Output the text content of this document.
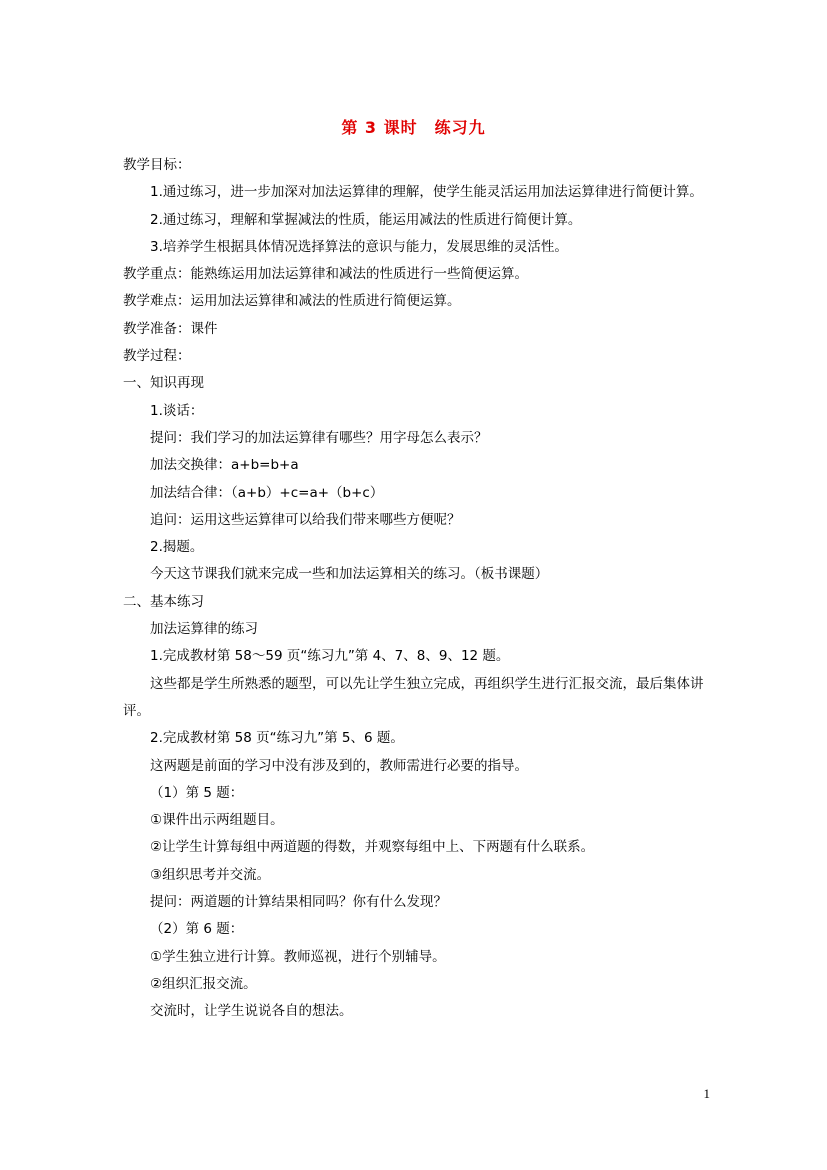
第 3 课时　练习九

教学目标：

1.通过练习，进一步加深对加法运算律的理解，使学生能灵活运用加法运算律进行简便计算。

2.通过练习，理解和掌握减法的性质，能运用减法的性质进行简便计算。

3.培养学生根据具体情况选择算法的意识与能力，发展思维的灵活性。

教学重点：能熟练运用加法运算律和减法的性质进行一些简便运算。

教学难点：运用加法运算律和减法的性质进行简便运算。

教学准备：课件

教学过程：

一、知识再现

1.谈话：

提问：我们学习的加法运算律有哪些？用字母怎么表示？

加法交换律：a+b=b+a

加法结合律：（a+b）+c=a+（b+c）

追问：运用这些运算律可以给我们带来哪些方便呢？

2.揭题。

今天这节课我们就来完成一些和加法运算相关的练习。（板书课题）

二、基本练习

加法运算律的练习

1.完成教材第 58～59 页“练习九”第 4、7、8、9、12 题。

这些都是学生所熟悉的题型，可以先让学生独立完成，再组织学生进行汇报交流，最后集体讲评。

2.完成教材第 58 页“练习九”第 5、6 题。

这两题是前面的学习中没有涉及到的，教师需进行必要的指导。

（1）第 5 题：

①课件出示两组题目。

②让学生计算每组中两道题的得数，并观察每组中上、下两题有什么联系。

③组织思考并交流。

提问：两道题的计算结果相同吗？你有什么发现？

（2）第 6 题：

①学生独立进行计算。教师巡视，进行个别辅导。

②组织汇报交流。

交流时，让学生说说各自的想法。

1
